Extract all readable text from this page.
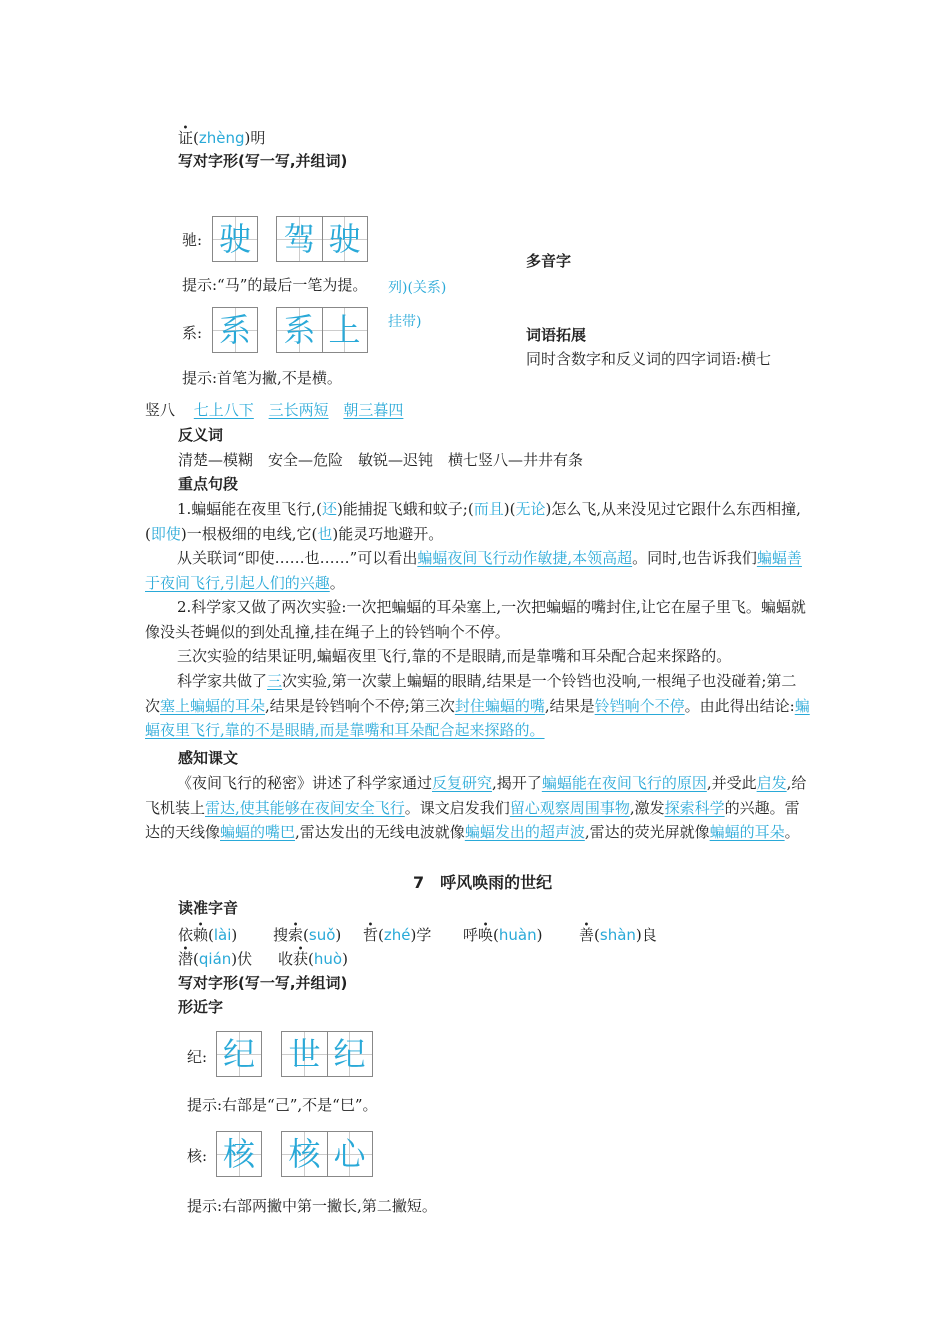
证(zhèng)明
写对字形(写一写,并组词)
驰: 驶 驾 驶
提示:“马”的最后一笔为提。 列)(关系)
系: 系 系 上	挂带)
提示:首笔为撇,不是横。
多音字
词语拓展
同时含数字和反义词的四字词语:横七
竖八 七上八下 三长两短 朝三暮四
反义词
清楚—模糊　安全—危险　敏锐—迟钝　横七竖八—井井有条
重点句段
1.蝙蝠能在夜里飞行,(还)能捕捉飞蛾和蚊子;(而且)(无论)怎么飞,从来没见过它跟什么东西相撞,(即使)一根极细的电线,它(也)能灵巧地避开。
从关联词“即使……也……”可以看出蝙蝠夜间飞行动作敏捷,本领高超。同时,也告诉我们蝙蝠善于夜间飞行,引起人们的兴趣。
2.科学家又做了两次实验:一次把蝙蝠的耳朵塞上,一次把蝙蝠的嘴封住,让它在屋子里飞。蝙蝠就像没头苍蝇似的到处乱撞,挂在绳子上的铃铛响个不停。
三次实验的结果证明,蝙蝠夜里飞行,靠的不是眼睛,而是靠嘴和耳朵配合起来探路的。
科学家共做了三次实验,第一次蒙上蝙蝠的眼睛,结果是一个铃铛也没响,一根绳子也没碰着;第二次塞上蝙蝠的耳朵,结果是铃铛响个不停;第三次封住蝙蝠的嘴,结果是铃铛响个不停。由此得出结论:蝙蝠夜里飞行,靠的不是眼睛,而是靠嘴和耳朵配合起来探路的。
感知课文
《夜间飞行的秘密》讲述了科学家通过反复研究,揭开了蝙蝠能在夜间飞行的原因,并受此启发,给飞机装上雷达,使其能够在夜间安全飞行。课文启发我们留心观察周围事物,激发探索科学的兴趣。雷达的天线像蝙蝠的嘴巴,雷达发出的无线电波就像蝙蝠发出的超声波,雷达的荧光屏就像蝙蝠的耳朵。
7　呼风唤雨的世纪
读准字音
依赖(lài) 搜索(suǒ) 哲(zhé)学 呼唤(huàn) 善(shàn)良
潜(qián)伏 收获(huò)
写对字形(写一写,并组词)
形近字
纪: 纪 世 纪
提示:右部是“己”,不是“巳”。
核: 核 核 心
提示:右部两撇中第一撇长,第二撇短。
